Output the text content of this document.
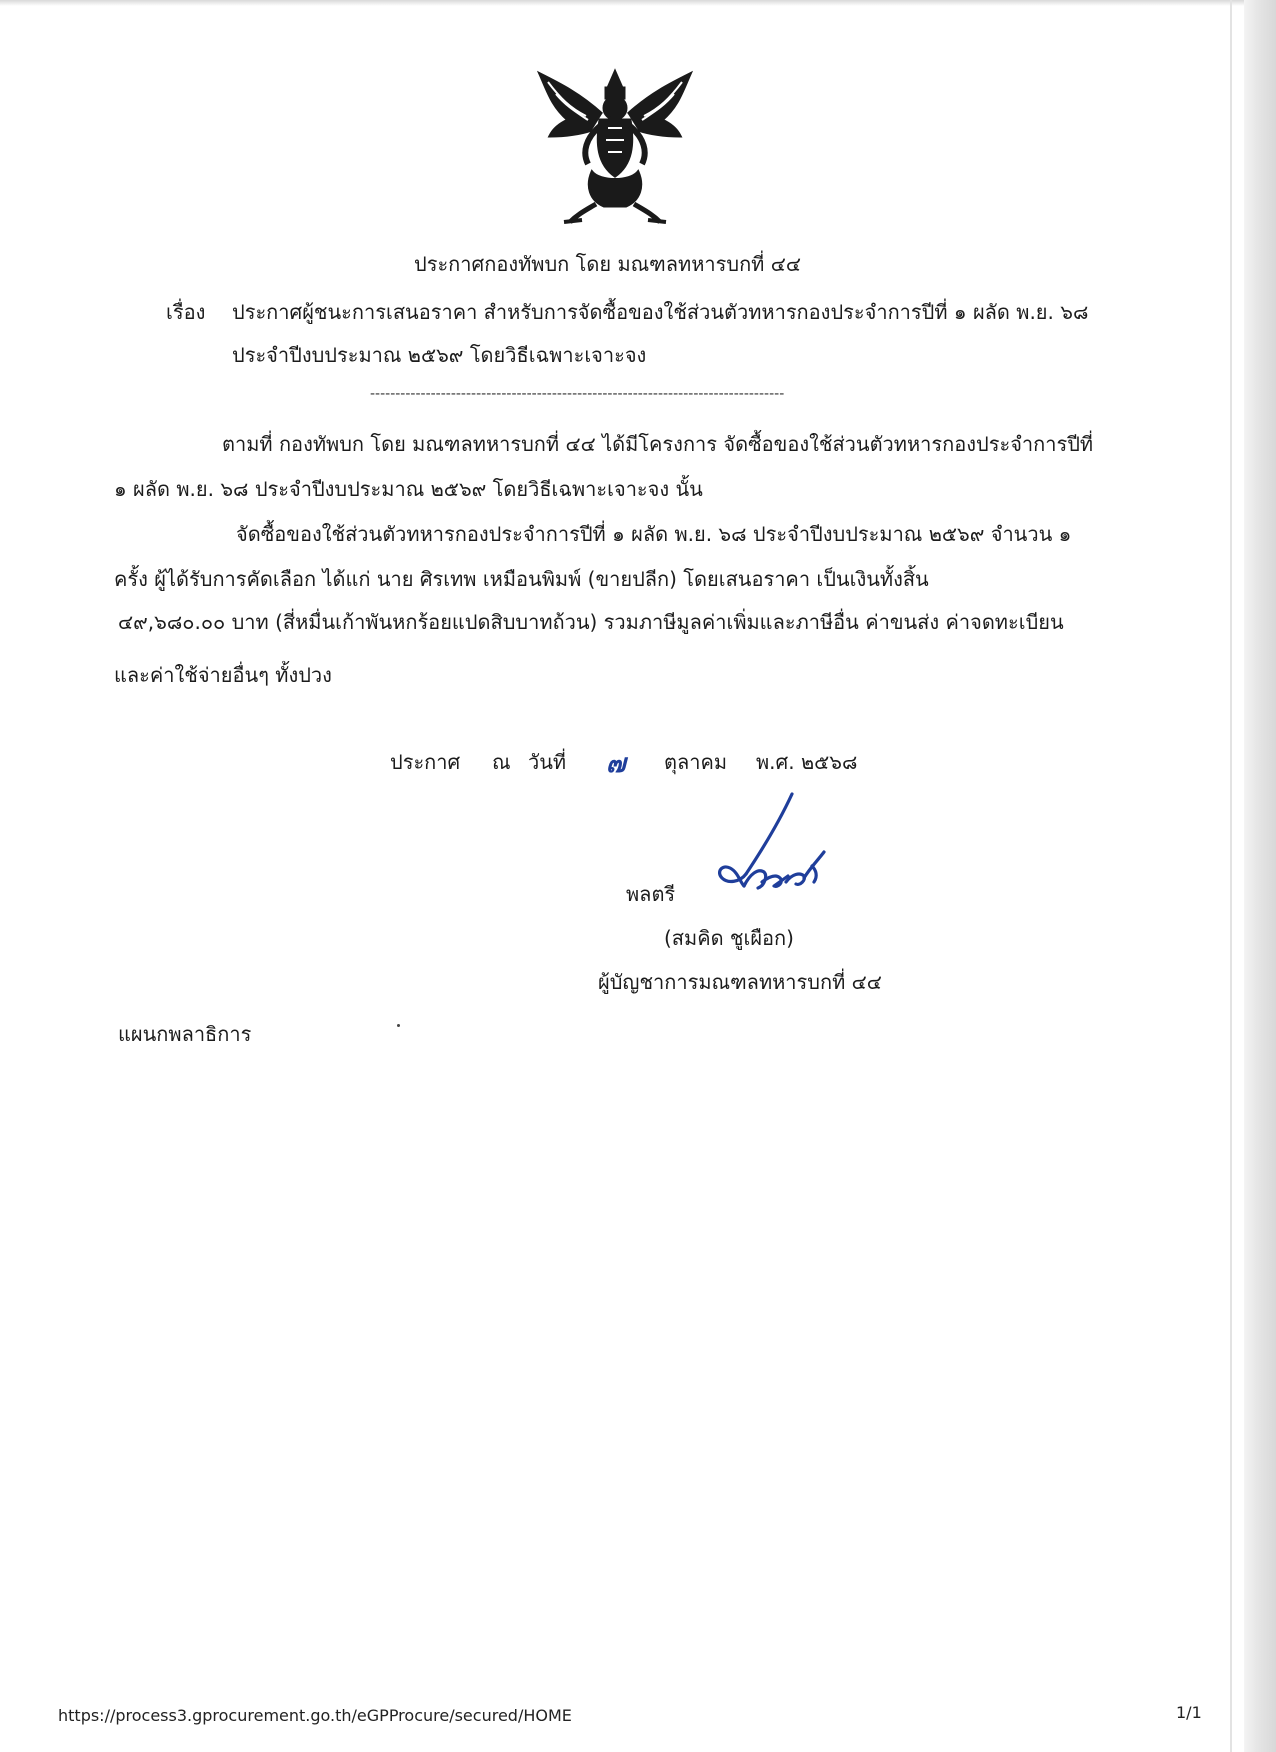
ประกาศกองทัพบก โดย มณฑลทหารบกที่ ๔๔
เรื่อง ประกาศผู้ชนะการเสนอราคา สำหรับการจัดซื้อของใช้ส่วนตัวทหารกองประจำการปีที่ ๑ ผลัด พ.ย. ๖๘
ประจำปีงบประมาณ ๒๕๖๙ โดยวิธีเฉพาะเจาะจง
----------------------------------------------------------------------------------
ตามที่ กองทัพบก โดย มณฑลทหารบกที่ ๔๔ ได้มีโครงการ จัดซื้อของใช้ส่วนตัวทหารกองประจำการปีที่
๑ ผลัด พ.ย. ๖๘ ประจำปีงบประมาณ ๒๕๖๙ โดยวิธีเฉพาะเจาะจง นั้น
จัดซื้อของใช้ส่วนตัวทหารกองประจำการปีที่ ๑ ผลัด พ.ย. ๖๘ ประจำปีงบประมาณ ๒๕๖๙ จำนวน ๑
ครั้ง ผู้ได้รับการคัดเลือก ได้แก่ นาย ศิรเทพ เหมือนพิมพ์ (ขายปลีก) โดยเสนอราคา เป็นเงินทั้งสิ้น
๔๙,๖๘๐.๐๐ บาท (สี่หมื่นเก้าพันหกร้อยแปดสิบบาทถ้วน) รวมภาษีมูลค่าเพิ่มและภาษีอื่น ค่าขนส่ง ค่าจดทะเบียน
และค่าใช้จ่ายอื่นๆ ทั้งปวง
ประกาศ ณ วันที่ ๗ ตุลาคม พ.ศ. ๒๕๖๘
พลตรี
(สมคิด ชูเผือก)
ผู้บัญชาการมณฑลทหารบกที่ ๔๔
แผนกพลาธิการ
https://process3.gprocurement.go.th/eGPProcure/secured/HOME	1/1
